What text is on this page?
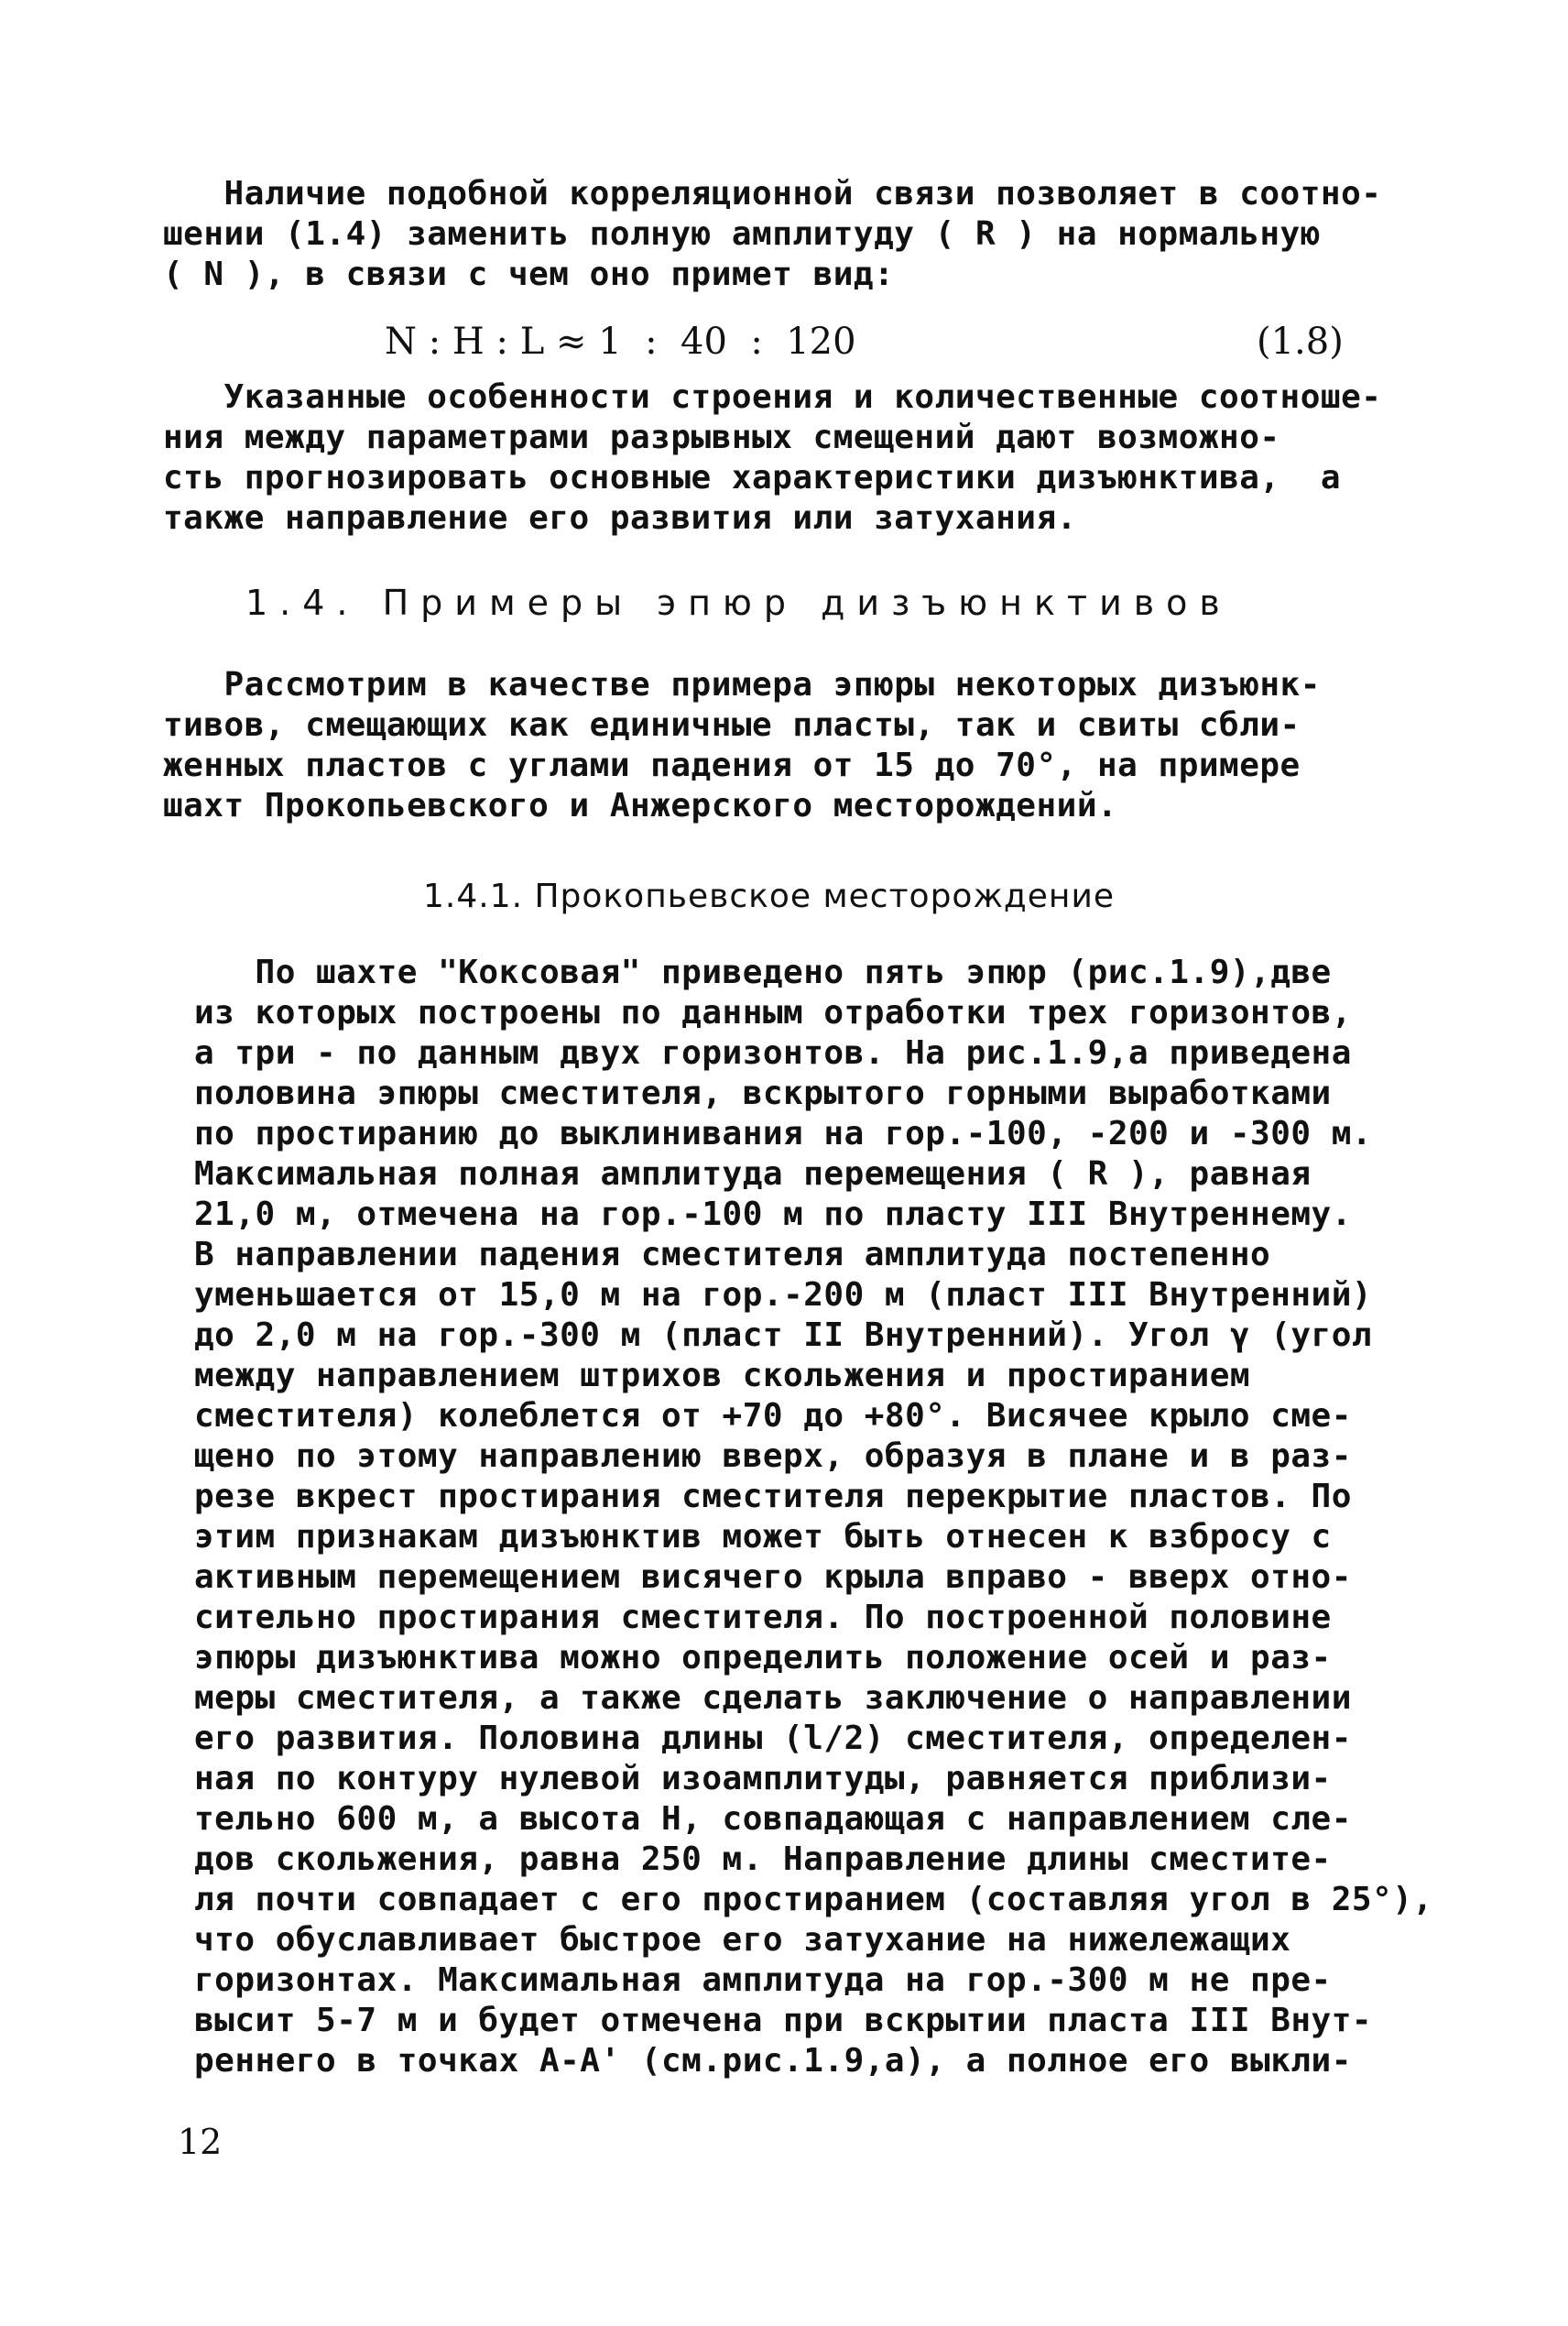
Наличие подобной корреляционной связи позволяет в соотно-
шении (1.4) заменить полную амплитуду ( R ) на нормальную
( N ), в связи с чем оно примет вид:
N : H : L ≈ 1  :  40  :  120	(1.8)
Указанные особенности строения и количественные соотноше-
ния между параметрами разрывных смещений дают возможно-
сть прогнозировать основные характеристики дизъюнктива,  а
также направление его развития или затухания.
1.4. Примеры эпюр дизъюнктивов
Рассмотрим в качестве примера эпюры некоторых дизъюнк-
тивов, смещающих как единичные пласты, так и свиты сбли-
женных пластов с углами падения от 15 до 70°, на примере
шахт Прокопьевского и Анжерского месторождений.
1.4.1. Прокопьевское месторождение
По шахте "Коксовая" приведено пять эпюр (рис.1.9),две
из которых построены по данным отработки трех горизонтов,
а три - по данным двух горизонтов. На рис.1.9,а приведена
половина эпюры сместителя, вскрытого горными выработками
по простиранию до выклинивания на гор.-100, -200 и -300 м.
Максимальная полная амплитуда перемещения ( R ), равная
21,0 м, отмечена на гор.-100 м по пласту III Внутреннему.
В направлении падения сместителя амплитуда постепенно
уменьшается от 15,0 м на гор.-200 м (пласт III Внутренний)
до 2,0 м на гор.-300 м (пласт II Внутренний). Угол γ (угол
между направлением штрихов скольжения и простиранием
сместителя) колеблется от +70 до +80°. Висячее крыло сме-
щено по этому направлению вверх, образуя в плане и в раз-
резе вкрест простирания сместителя перекрытие пластов. По
этим признакам дизъюнктив может быть отнесен к взбросу с
активным перемещением висячего крыла вправо - вверх отно-
сительно простирания сместителя. По построенной половине
эпюры дизъюнктива можно определить положение осей и раз-
меры сместителя, а также сделать заключение о направлении
его развития. Половина длины (l/2) сместителя, определен-
ная по контуру нулевой изоамплитуды, равняется приблизи-
тельно 600 м, а высота H, совпадающая с направлением сле-
дов скольжения, равна 250 м. Направление длины сместите-
ля почти совпадает с его простиранием (составляя угол в 25°),
что обуславливает быстрое его затухание на нижележащих
горизонтах. Максимальная амплитуда на гор.-300 м не пре-
высит 5-7 м и будет отмечена при вскрытии пласта III Внут-
реннего в точках А-А' (см.рис.1.9,а), а полное его выкли-
12
